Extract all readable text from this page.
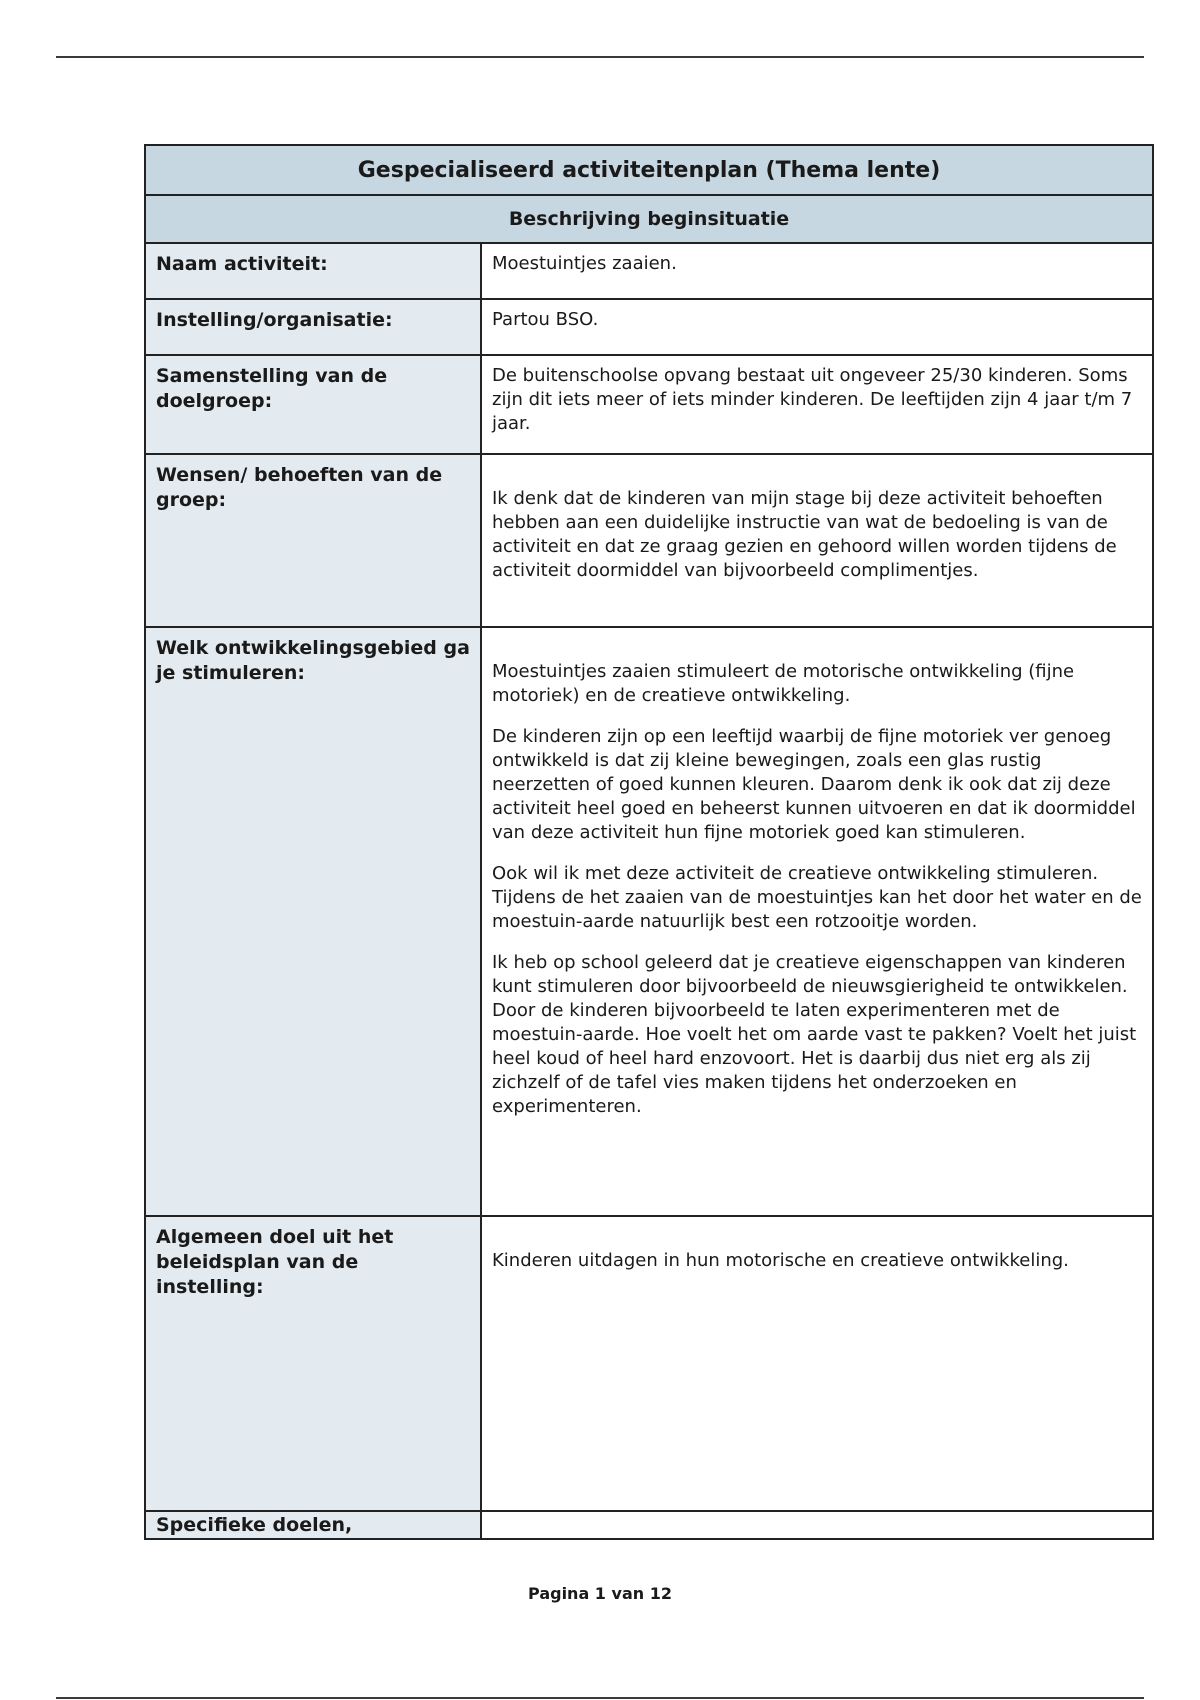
Gespecialiseerd activiteitenplan (Thema lente)	
Beschrijving beginsituatie	
Naam activiteit:	Moestuintjes zaaien.

Instelling/organisatie:	Partou BSO.

Samenstelling van de doelgroep:	De buitenschoolse opvang bestaat uit ongeveer 25/30 kinderen. Soms zijn dit iets meer of iets minder kinderen. De leeftijden zijn 4 jaar t/m 7 jaar.

Wensen/ behoeften van de groep:	Ik denk dat de kinderen van mijn stage bij deze activiteit behoeften hebben aan een duidelijke instructie van wat de bedoeling is van de activiteit en dat ze graag gezien en gehoord willen worden tijdens de activiteit doormiddel van bijvoorbeeld complimentjes.

Welk ontwikkelingsgebied ga je stimuleren:	Moestuintjes zaaien stimuleert de motorische ontwikkeling (fijne motoriek) en de creatieve ontwikkeling.

De kinderen zijn op een leeftijd waarbij de fijne motoriek ver genoeg ontwikkeld is dat zij kleine bewegingen, zoals een glas rustig neerzetten of goed kunnen kleuren. Daarom denk ik ook dat zij deze activiteit heel goed en beheerst kunnen uitvoeren en dat ik doormiddel van deze activiteit hun fijne motoriek goed kan stimuleren.

Ook wil ik met deze activiteit de creatieve ontwikkeling stimuleren. Tijdens de het zaaien van de moestuintjes kan het door het water en de moestuin-aarde natuurlijk best een rotzooitje worden.

Ik heb op school geleerd dat je creatieve eigenschappen van kinderen kunt stimuleren door bijvoorbeeld de nieuwsgierigheid te ontwikkelen. Door de kinderen bijvoorbeeld te laten experimenteren met de moestuin-aarde. Hoe voelt het om aarde vast te pakken? Voelt het juist heel koud of heel hard enzovoort. Het is daarbij dus niet erg als zij zichzelf of de tafel vies maken tijdens het onderzoeken en experimenteren.

Algemeen doel uit het beleidsplan van de instelling:	Kinderen uitdagen in hun motorische en creatieve ontwikkeling.

Specifieke doelen,	

Pagina 1 van 12
